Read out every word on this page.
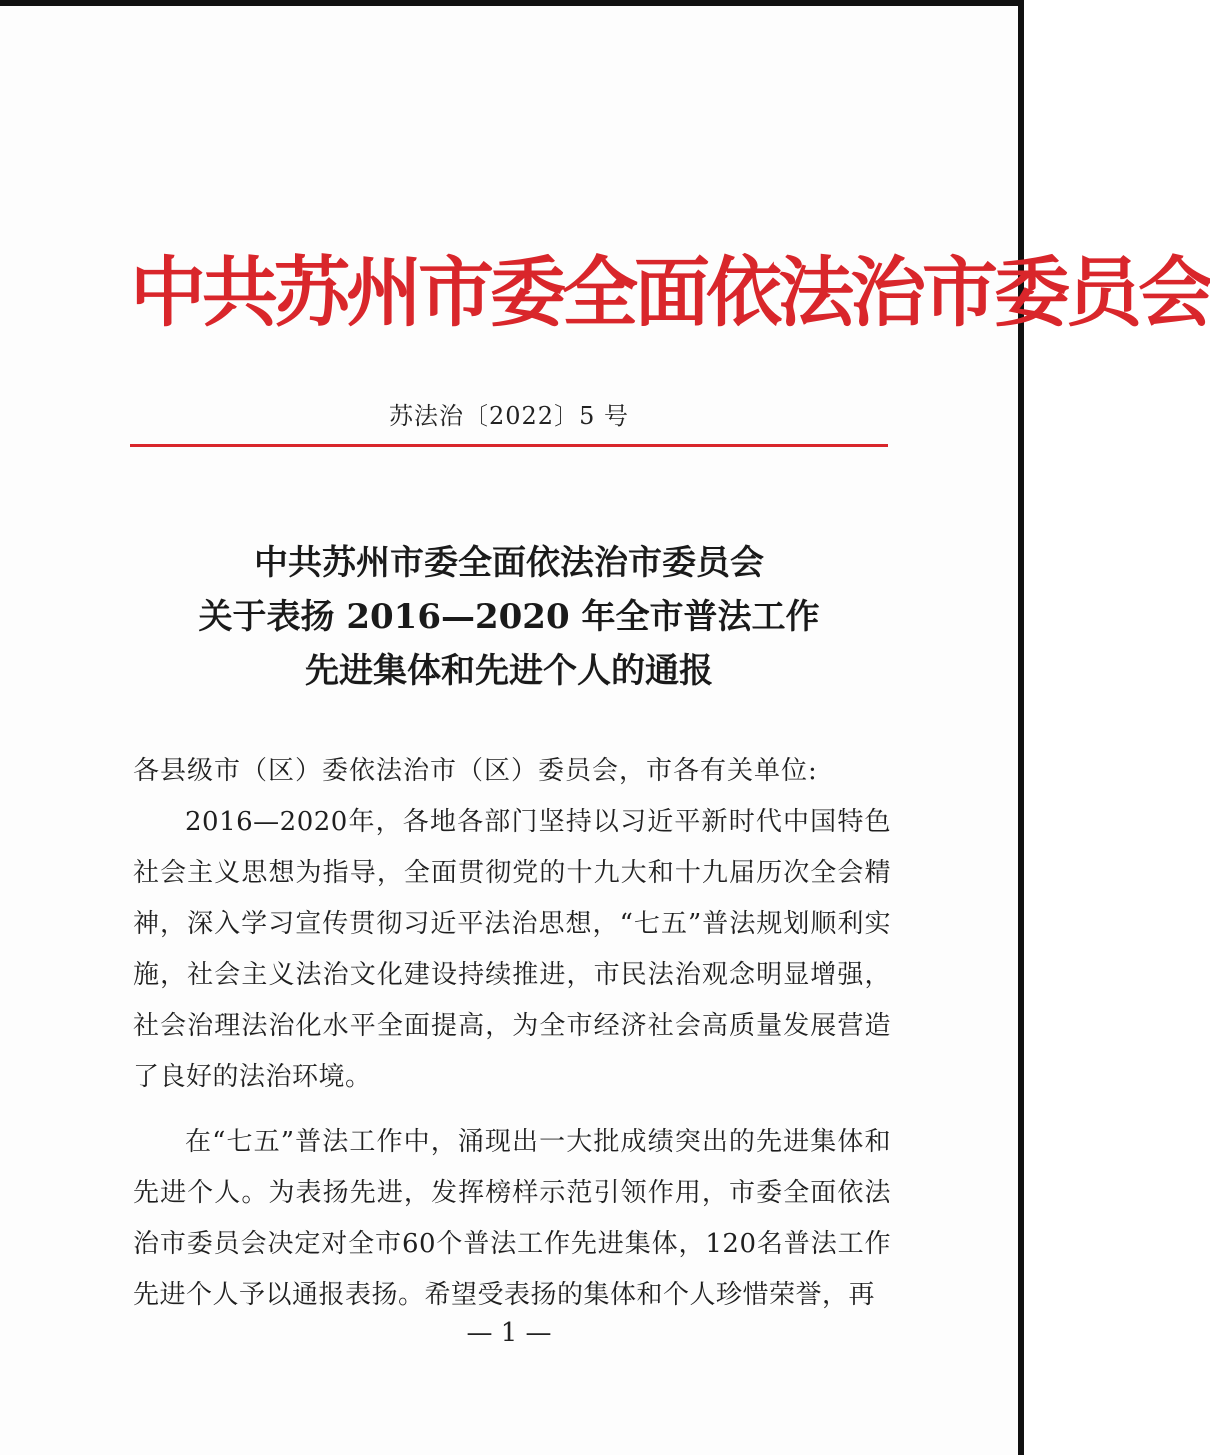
中共苏州市委全面依法治市委员会
苏法治〔2022〕5 号
中共苏州市委全面依法治市委员会
关于表扬 2016—2020 年全市普法工作
先进集体和先进个人的通报

各县级市（区）委依法治市（区）委员会，市各有关单位:

2016—2020年，各地各部门坚持以习近平新时代中国特色社会主义思想为指导，全面贯彻党的十九大和十九届历次全会精神，深入学习宣传贯彻习近平法治思想，“七五”普法规划顺利实施，社会主义法治文化建设持续推进，市民法治观念明显增强，社会治理法治化水平全面提高，为全市经济社会高质量发展营造了良好的法治环境。

在“七五”普法工作中，涌现出一大批成绩突出的先进集体和先进个人。为表扬先进，发挥榜样示范引领作用，市委全面依法治市委员会决定对全市60个普法工作先进集体，120名普法工作先进个人予以通报表扬。希望受表扬的集体和个人珍惜荣誉，再

— 1 —
